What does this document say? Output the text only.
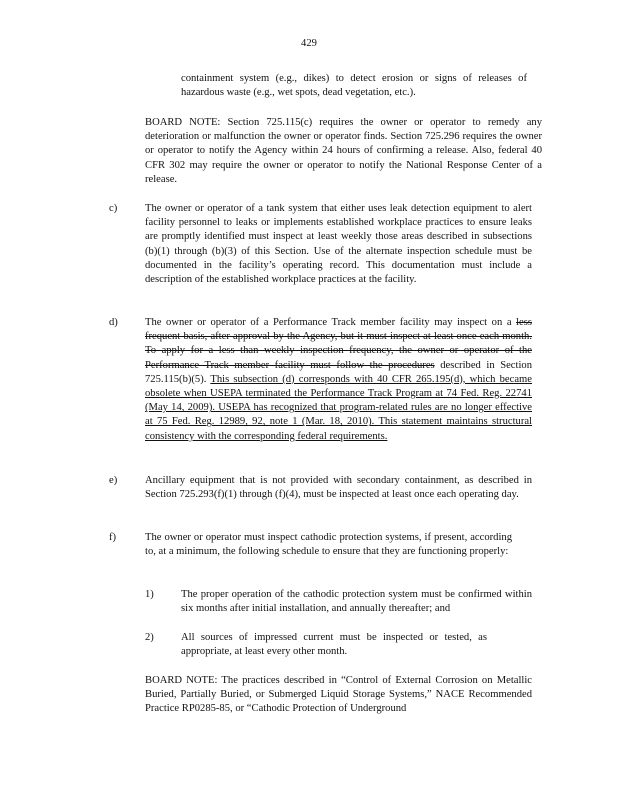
429

containment system (e.g., dikes) to detect erosion or signs of releases of hazardous waste (e.g., wet spots, dead vegetation, etc.).

BOARD NOTE: Section 725.115(c) requires the owner or operator to remedy any deterioration or malfunction the owner or operator finds. Section 725.296 requires the owner or operator to notify the Agency within 24 hours of confirming a release. Also, federal 40 CFR 302 may require the owner or operator to notify the National Response Center of a release.

c)	The owner or operator of a tank system that either uses leak detection equipment to alert facility personnel to leaks or implements established workplace practices to ensure leaks are promptly identified must inspect at least weekly those areas described in subsections (b)(1) through (b)(3) of this Section. Use of the alternate inspection schedule must be documented in the facility’s operating record. This documentation must include a description of the established workplace practices at the facility.

d)	The owner or operator of a Performance Track member facility may inspect on a less frequent basis, after approval by the Agency, but it must inspect at least once each month. To apply for a less than weekly inspection frequency, the owner or operator of the Performance Track member facility must follow the procedures described in Section 725.115(b)(5). This subsection (d) corresponds with 40 CFR 265.195(d), which became obsolete when USEPA terminated the Performance Track Program at 74 Fed. Reg. 22741 (May 14, 2009). USEPA has recognized that program-related rules are no longer effective at 75 Fed. Reg. 12989, 92, note 1 (Mar. 18, 2010). This statement maintains structural consistency with the corresponding federal requirements.

e)	Ancillary equipment that is not provided with secondary containment, as described in Section 725.293(f)(1) through (f)(4), must be inspected at least once each operating day.

f)	The owner or operator must inspect cathodic protection systems, if present, according to, at a minimum, the following schedule to ensure that they are functioning properly:

1)	The proper operation of the cathodic protection system must be confirmed within six months after initial installation, and annually thereafter; and

2)	All sources of impressed current must be inspected or tested, as appropriate, at least every other month.

BOARD NOTE: The practices described in “Control of External Corrosion on Metallic Buried, Partially Buried, or Submerged Liquid Storage Systems,” NACE Recommended Practice RP0285-85, or “Cathodic Protection of Underground
